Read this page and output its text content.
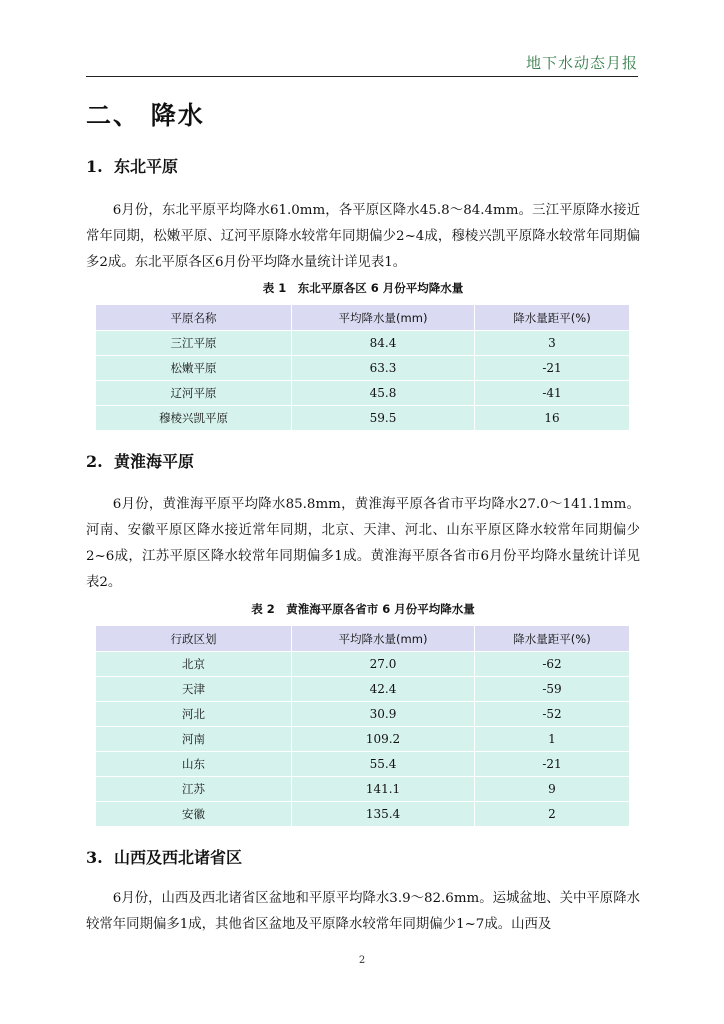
地下水动态月报
二、 降水
1. 东北平原

6月份，东北平原平均降水61.0mm，各平原区降水45.8～84.4mm。三江平原降水接近常年同期，松嫩平原、辽河平原降水较常年同期偏少2~4成，穆棱兴凯平原降水较常年同期偏多2成。东北平原各区6月份平均降水量统计详见表1。

表 1　东北平原各区 6 月份平均降水量
平原名称	平均降水量(mm)	降水量距平(%)
三江平原	84.4	3
松嫩平原	63.3	-21
辽河平原	45.8	-41
穆棱兴凯平原	59.5	16
2. 黄淮海平原

6月份，黄淮海平原平均降水85.8mm，黄淮海平原各省市平均降水27.0～141.1mm。河南、安徽平原区降水接近常年同期，北京、天津、河北、山东平原区降水较常年同期偏少2~6成，江苏平原区降水较常年同期偏多1成。黄淮海平原各省市6月份平均降水量统计详见表2。

表 2　黄淮海平原各省市 6 月份平均降水量
行政区划	平均降水量(mm)	降水量距平(%)
北京	27.0	-62
天津	42.4	-59
河北	30.9	-52
河南	109.2	1
山东	55.4	-21
江苏	141.1	9
安徽	135.4	2
3. 山西及西北诸省区

6月份，山西及西北诸省区盆地和平原平均降水3.9～82.6mm。运城盆地、关中平原降水较常年同期偏多1成，其他省区盆地及平原降水较常年同期偏少1~7成。山西及

2
